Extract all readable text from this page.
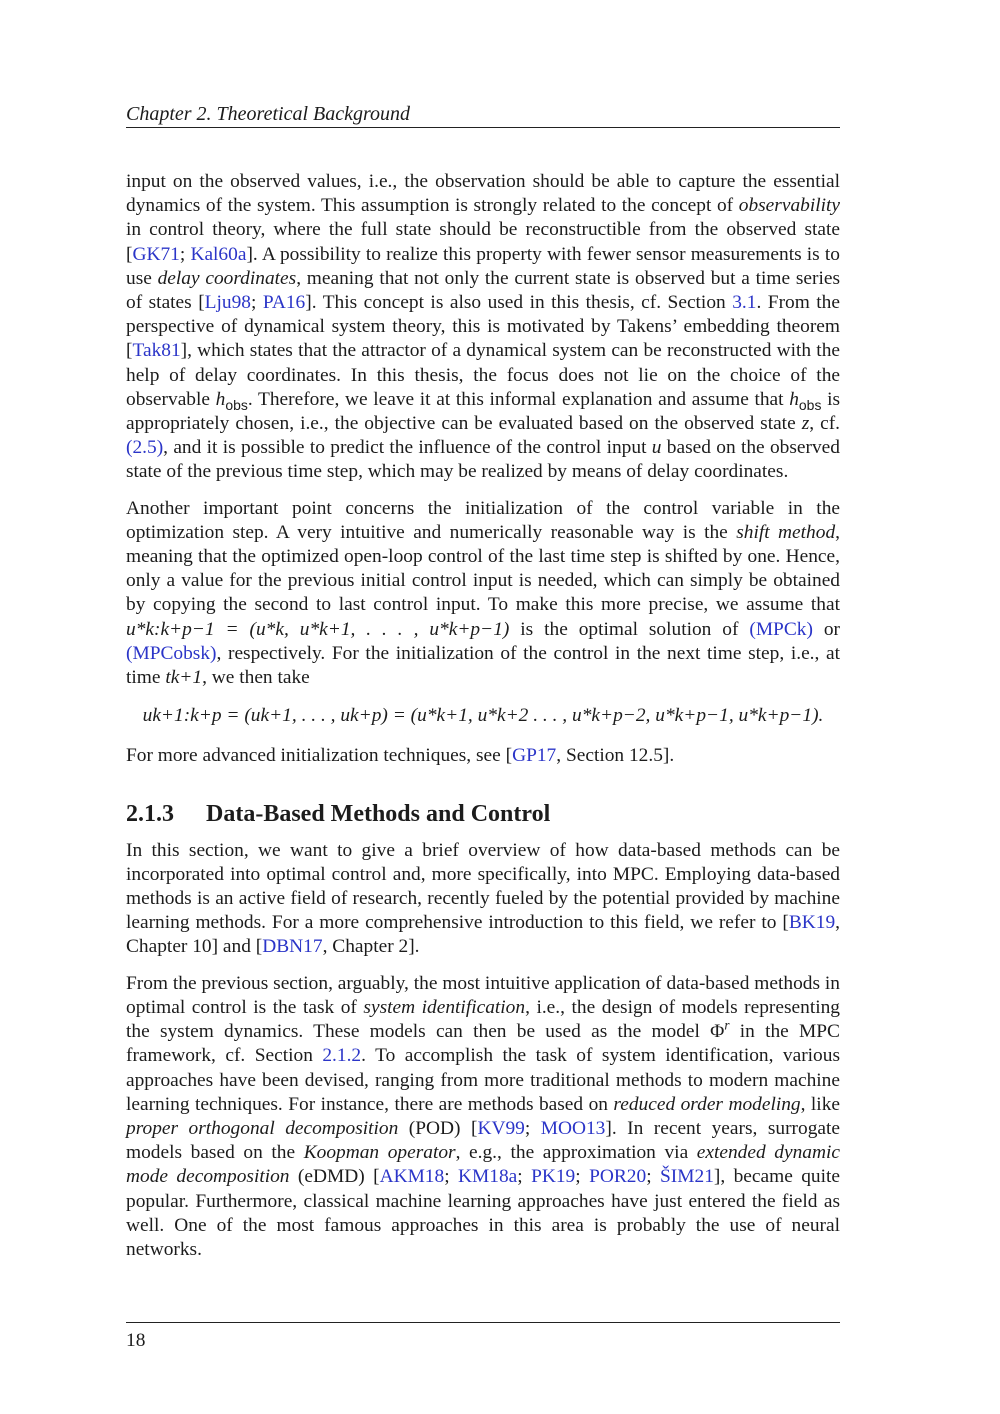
Chapter 2. Theoretical Background

input on the observed values, i.e., the observation should be able to capture the essential dynamics of the system. This assumption is strongly related to the concept of observability in control theory, where the full state should be reconstructible from the observed state [GK71; Kal60a]. A possibility to realize this property with fewer sensor measurements is to use delay coordinates, meaning that not only the current state is observed but a time series of states [Lju98; PA16]. This concept is also used in this thesis, cf. Section 3.1. From the perspective of dynamical system theory, this is motivated by Takens’ embedding theorem [Tak81], which states that the attractor of a dynamical system can be reconstructed with the help of delay coordinates. In this thesis, the focus does not lie on the choice of the observable $h_{obs}$. Therefore, we leave it at this informal explanation and assume that $h_{obs}$ is appropriately chosen, i.e., the objective can be evaluated based on the observed state z, cf. (2.5), and it is possible to predict the influence of the control input u based on the observed state of the previous time step, which may be realized by means of delay coordinates.

Another important point concerns the initialization of the control variable in the optimization step. A very intuitive and numerically reasonable way is the shift method, meaning that the optimized open-loop control of the last time step is shifted by one. Hence, only a value for the previous initial control input is needed, which can simply be obtained by copying the second to last control input. To make this more precise, we assume that u*k:k+p−1 = (u*k, u*k+1, . . . , u*k+p−1) is the optimal solution of (MPCk) or (MPCobsk), respectively. For the initialization of the control in the next time step, i.e., at time tk+1, we then take

uk+1:k+p = (uk+1, . . . , uk+p) = (u*k+1, u*k+2 . . . , u*k+p−2, u*k+p−1, u*k+p−1).

For more advanced initialization techniques, see [GP17, Section 12.5].

2.1.3 Data-Based Methods and Control

In this section, we want to give a brief overview of how data-based methods can be incorporated into optimal control and, more specifically, into MPC. Employing data-based methods is an active field of research, recently fueled by the potential provided by machine learning methods. For a more comprehensive introduction to this field, we refer to [BK19, Chapter 10] and [DBN17, Chapter 2].

From the previous section, arguably, the most intuitive application of data-based methods in optimal control is the task of system identification, i.e., the design of models representing the system dynamics. These models can then be used as the model $\Phi^r$ in the MPC framework, cf. Section 2.1.2. To accomplish the task of system identification, various approaches have been devised, ranging from more traditional methods to modern machine learning techniques. For instance, there are methods based on reduced order modeling, like proper orthogonal decomposition (POD) [KV99; MOO13]. In recent years, surrogate models based on the Koopman operator, e.g., the approximation via extended dynamic mode decomposition (eDMD) [AKM18; KM18a; PK19; POR20; ŠIM21], became quite popular. Furthermore, classical machine learning approaches have just entered the field as well. One of the most famous approaches in this area is probably the use of neural networks.

18
